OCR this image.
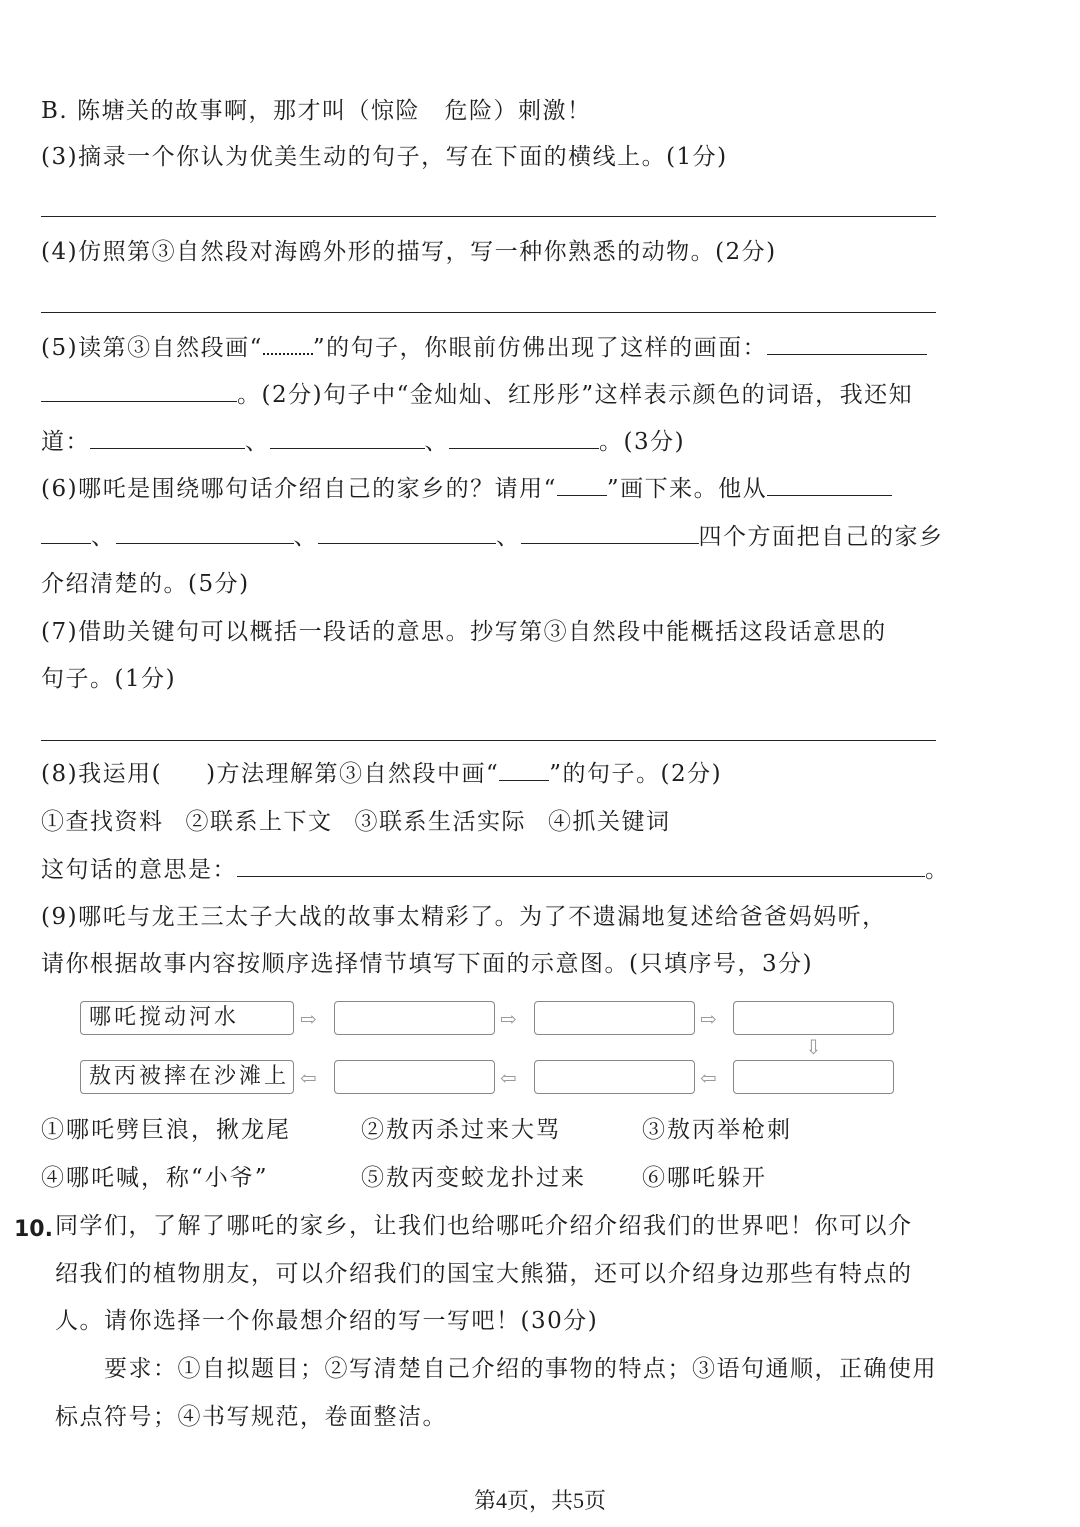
B. 陈塘关的故事啊，那才叫（惊险　危险）刺激！
(3)摘录一个你认为优美生动的句子，写在下面的横线上。(1分)
(4)仿照第③自然段对海鸥外形的描写，写一种你熟悉的动物。(2分)
(5)读第③自然段画“ ”的句子，你眼前仿佛出现了这样的画面：
。(2分)句子中“金灿灿、红彤彤”这样表示颜色的词语，我还知
道：	、	、	。(3分)
(6)哪吒是围绕哪句话介绍自己的家乡的？请用“ ”画下来。他从
、	、	、	四个方面把自己的家乡
介绍清楚的。(5分)
(7)借助关键句可以概括一段话的意思。抄写第③自然段中能概括这段话意思的
句子。(1分)
(8)我运用( )方法理解第③自然段中画“ ”的句子。(2分)
①查找资料 ②联系上下文 ③联系生活实际 ④抓关键词
这句话的意思是：	。
(9)哪吒与龙王三太子大战的故事太精彩了。为了不遗漏地复述给爸爸妈妈听，
请你根据故事内容按顺序选择情节填写下面的示意图。(只填序号，3分)
哪吒搅动河水	⇨	⇨	⇨
⇩
敖丙被摔在沙滩上 ⇦	⇦	⇦
①哪吒劈巨浪，揪龙尾	②敖丙杀过来大骂	③敖丙举枪刺
④哪吒喊，称“小爷”	⑤敖丙变蛟龙扑过来 ⑥哪吒躲开
10. 同学们，了解了哪吒的家乡，让我们也给哪吒介绍介绍我们的世界吧！你可以介
绍我们的植物朋友，可以介绍我们的国宝大熊猫，还可以介绍身边那些有特点的
人。请你选择一个你最想介绍的写一写吧！(30分)
要求：①自拟题目；②写清楚自己介绍的事物的特点；③语句通顺，正确使用
标点符号；④书写规范，卷面整洁。
第4页，共5页
